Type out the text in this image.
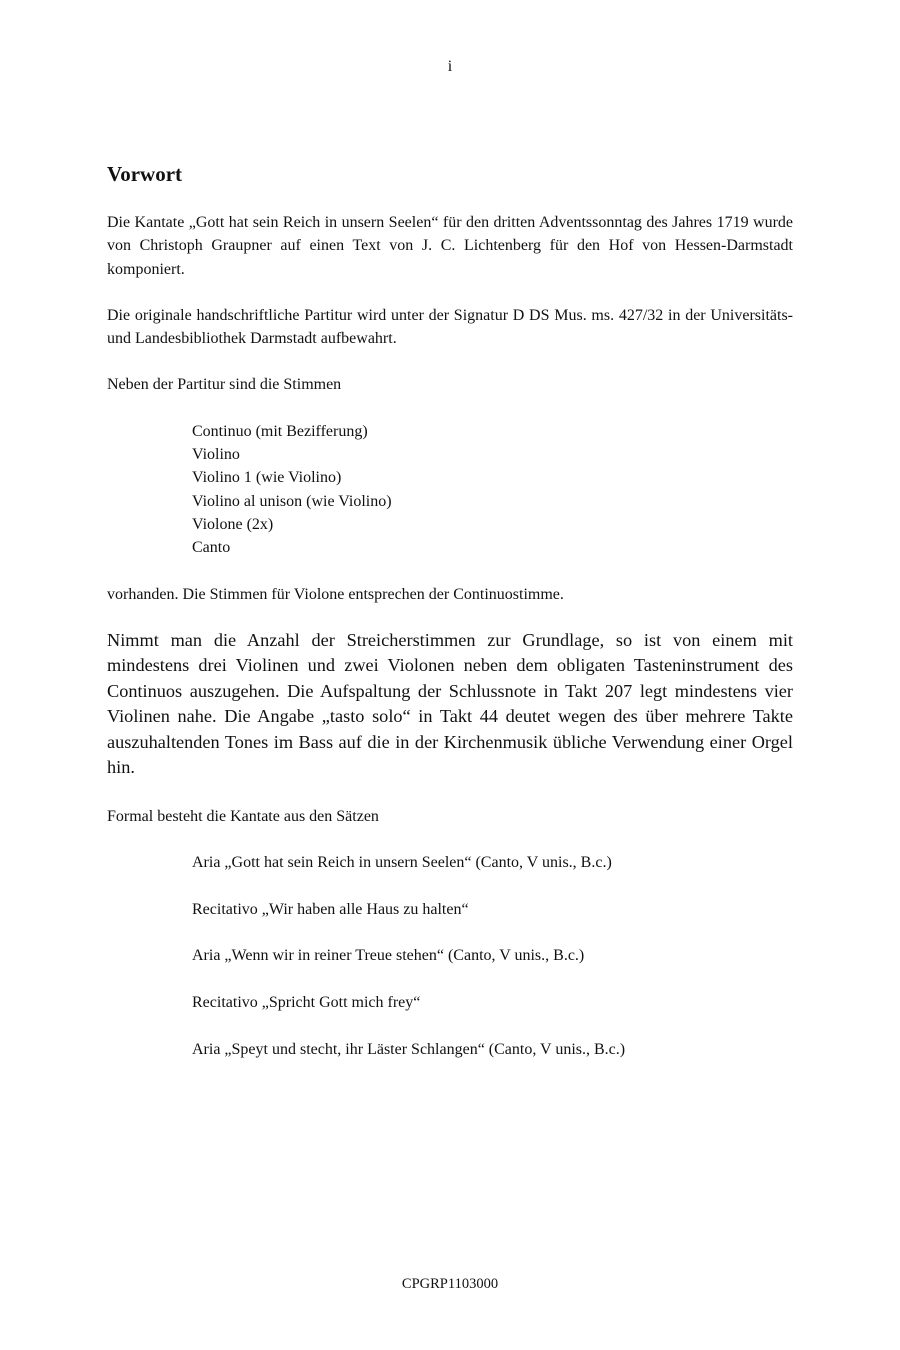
i
Vorwort

Die Kantate „Gott hat sein Reich in unsern Seelen“ für den dritten Adventssonntag des Jahres 1719 wurde von Christoph Graupner auf einen Text von J. C. Lichtenberg für den Hof von Hessen-Darmstadt komponiert.

Die originale handschriftliche Partitur wird unter der Signatur D DS Mus. ms. 427/32 in der Universitäts- und Landesbibliothek Darmstadt aufbewahrt.

Neben der Partitur sind die Stimmen

Continuo (mit Bezifferung)
Violino
Violino 1 (wie Violino)
Violino al unison (wie Violino)
Violone (2x)
Canto

vorhanden. Die Stimmen für Violone entsprechen der Continuostimme.

Nimmt man die Anzahl der Streicherstimmen zur Grundlage, so ist von einem mit mindestens drei Violinen und zwei Violonen neben dem obligaten Tasteninstrument des Continuos auszugehen. Die Aufspaltung der Schlussnote in Takt 207 legt mindestens vier Violinen nahe. Die Angabe „tasto solo“ in Takt 44 deutet wegen des über mehrere Takte auszuhaltenden Tones im Bass auf die in der Kirchenmusik übliche Verwendung einer Orgel hin.

Formal besteht die Kantate aus den Sätzen

Aria „Gott hat sein Reich in unsern Seelen“ (Canto, V unis., B.c.)
Recitativo „Wir haben alle Haus zu halten“
Aria „Wenn wir in reiner Treue stehen“ (Canto, V unis., B.c.)
Recitativo „Spricht Gott mich frey“
Aria „Speyt und stecht, ihr Läster Schlangen“ (Canto, V unis., B.c.)
CPGRP1103000
